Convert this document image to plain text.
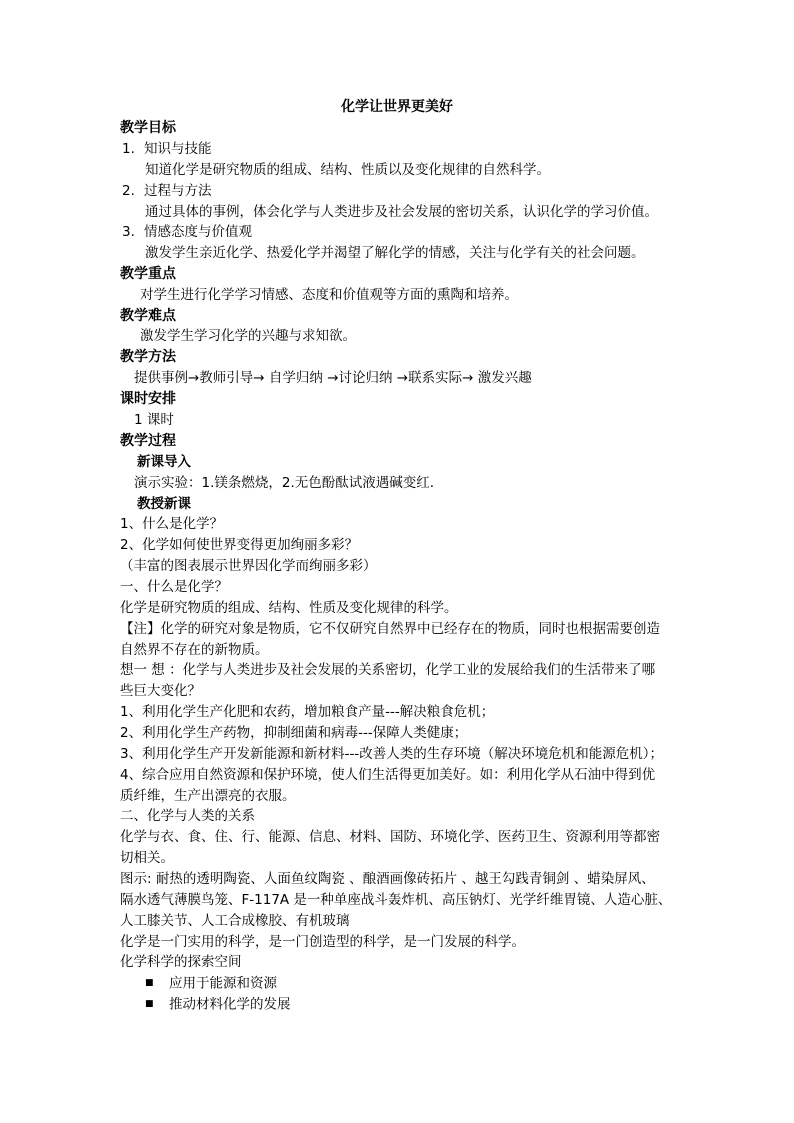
化学让世界更美好
教学目标
1. 知识与技能
知道化学是研究物质的组成、结构、性质以及变化规律的自然科学。
2. 过程与方法
通过具体的事例，体会化学与人类进步及社会发展的密切关系，认识化学的学习价值。
3. 情感态度与价值观
激发学生亲近化学、热爱化学并渴望了解化学的情感，关注与化学有关的社会问题。
教学重点
对学生进行化学学习情感、态度和价值观等方面的熏陶和培养。
教学难点
激发学生学习化学的兴趣与求知欲。
教学方法
提供事例→教师引导→ 自学归纳 →讨论归纳 →联系实际→ 激发兴趣
课时安排
1 课时
教学过程
新课导入
演示实验：1.镁条燃烧，2.无色酚酞试液遇碱变红.
教授新课
1、什么是化学？
2、化学如何使世界变得更加绚丽多彩？
（丰富的图表展示世界因化学而绚丽多彩）
一、什么是化学？
化学是研究物质的组成、结构、性质及变化规律的科学。
【注】化学的研究对象是物质，它不仅研究自然界中已经存在的物质，同时也根据需要创造
自然界不存在的新物质。
想一 想 ：化学与人类进步及社会发展的关系密切，化学工业的发展给我们的生活带来了哪
些巨大变化？
1、利用化学生产化肥和农药，增加粮食产量---解决粮食危机；
2、利用化学生产药物，抑制细菌和病毒---保障人类健康；
3、利用化学生产开发新能源和新材料---改善人类的生存环境（解决环境危机和能源危机）；
4、综合应用自然资源和保护环境，使人们生活得更加美好。如：利用化学从石油中得到优
质纤维，生产出漂亮的衣服。
二、化学与人类的关系
化学与衣、食、住、行、能源、信息、材料、国防、环境化学、医药卫生、资源利用等都密
切相关。
图示: 耐热的透明陶瓷、人面鱼纹陶瓷 、酿酒画像砖拓片 、越王勾践青铜剑 、蜡染屏风、
隔水透气薄膜鸟笼、F-117A 是一种单座战斗轰炸机、高压钠灯、光学纤维胃镜、人造心脏、
人工膝关节、人工合成橡胶、有机玻璃
化学是一门实用的科学，是一门创造型的科学，是一门发展的科学。
化学科学的探索空间
■ 应用于能源和资源
■ 推动材料化学的发展
